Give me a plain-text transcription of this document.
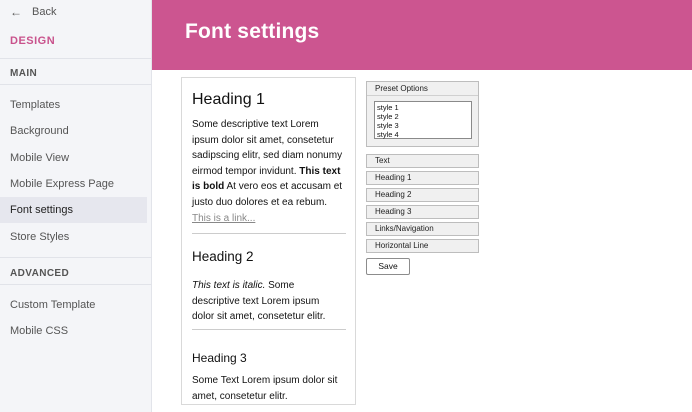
← Back
DESIGN
MAIN
Templates
Background
Mobile View
Mobile Express Page
Font settings
Store Styles
ADVANCED
Custom Template
Mobile CSS
Font settings
Heading 1

Some descriptive text Lorem ipsum dolor sit amet, consetetur sadipscing elitr, sed diam nonumy eirmod tempor invidunt. This text is bold At vero eos et accusam et justo duo dolores et ea rebum. This is a link...

Heading 2

This text is italic. Some descriptive text Lorem ipsum dolor sit amet, consetetur elitr.

Heading 3

Some Text Lorem ipsum dolor sit amet, consetetur elitr.

Preset Options
style 1
style 2
style 3
style 4
Text
Heading 1
Heading 2
Heading 3
Links/Navigation
Horizontal Line
Save
